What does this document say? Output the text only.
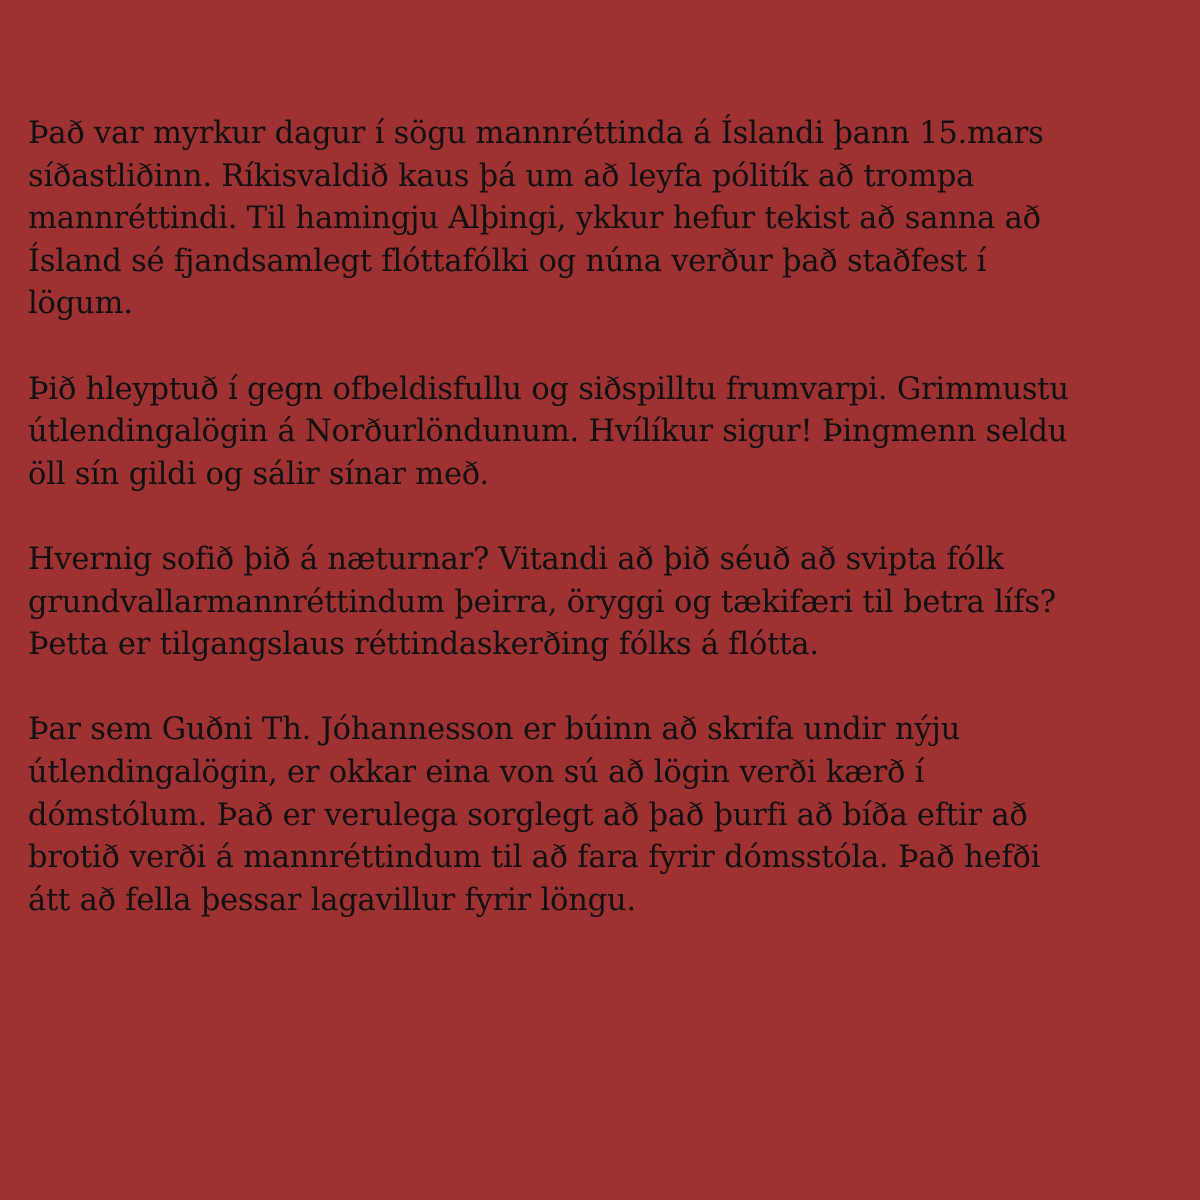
Það var myrkur dagur í sögu mannréttinda á Íslandi þann 15.mars
síðastliðinn. Ríkisvaldið kaus þá um að leyfa pólitík að trompa
mannréttindi. Til hamingju Alþingi, ykkur hefur tekist að sanna að
Ísland sé fjandsamlegt flóttafólki og núna verður það staðfest í
lögum.

Þið hleyptuð í gegn ofbeldisfullu og siðspilltu frumvarpi. Grimmustu
útlendingalögin á Norðurlöndunum. Hvílíkur sigur! Þingmenn seldu
öll sín gildi og sálir sínar með.

Hvernig sofið þið á næturnar? Vitandi að þið séuð að svipta fólk
grundvallarmannréttindum þeirra, öryggi og tækifæri til betra lífs?
Þetta er tilgangslaus réttindaskerðing fólks á flótta.

Þar sem Guðni Th. Jóhannesson er búinn að skrifa undir nýju
útlendingalögin, er okkar eina von sú að lögin verði kærð í
dómstólum. Það er verulega sorglegt að það þurfi að bíða eftir að
brotið verði á mannréttindum til að fara fyrir dómsstóla. Það hefði
átt að fella þessar lagavillur fyrir löngu.
